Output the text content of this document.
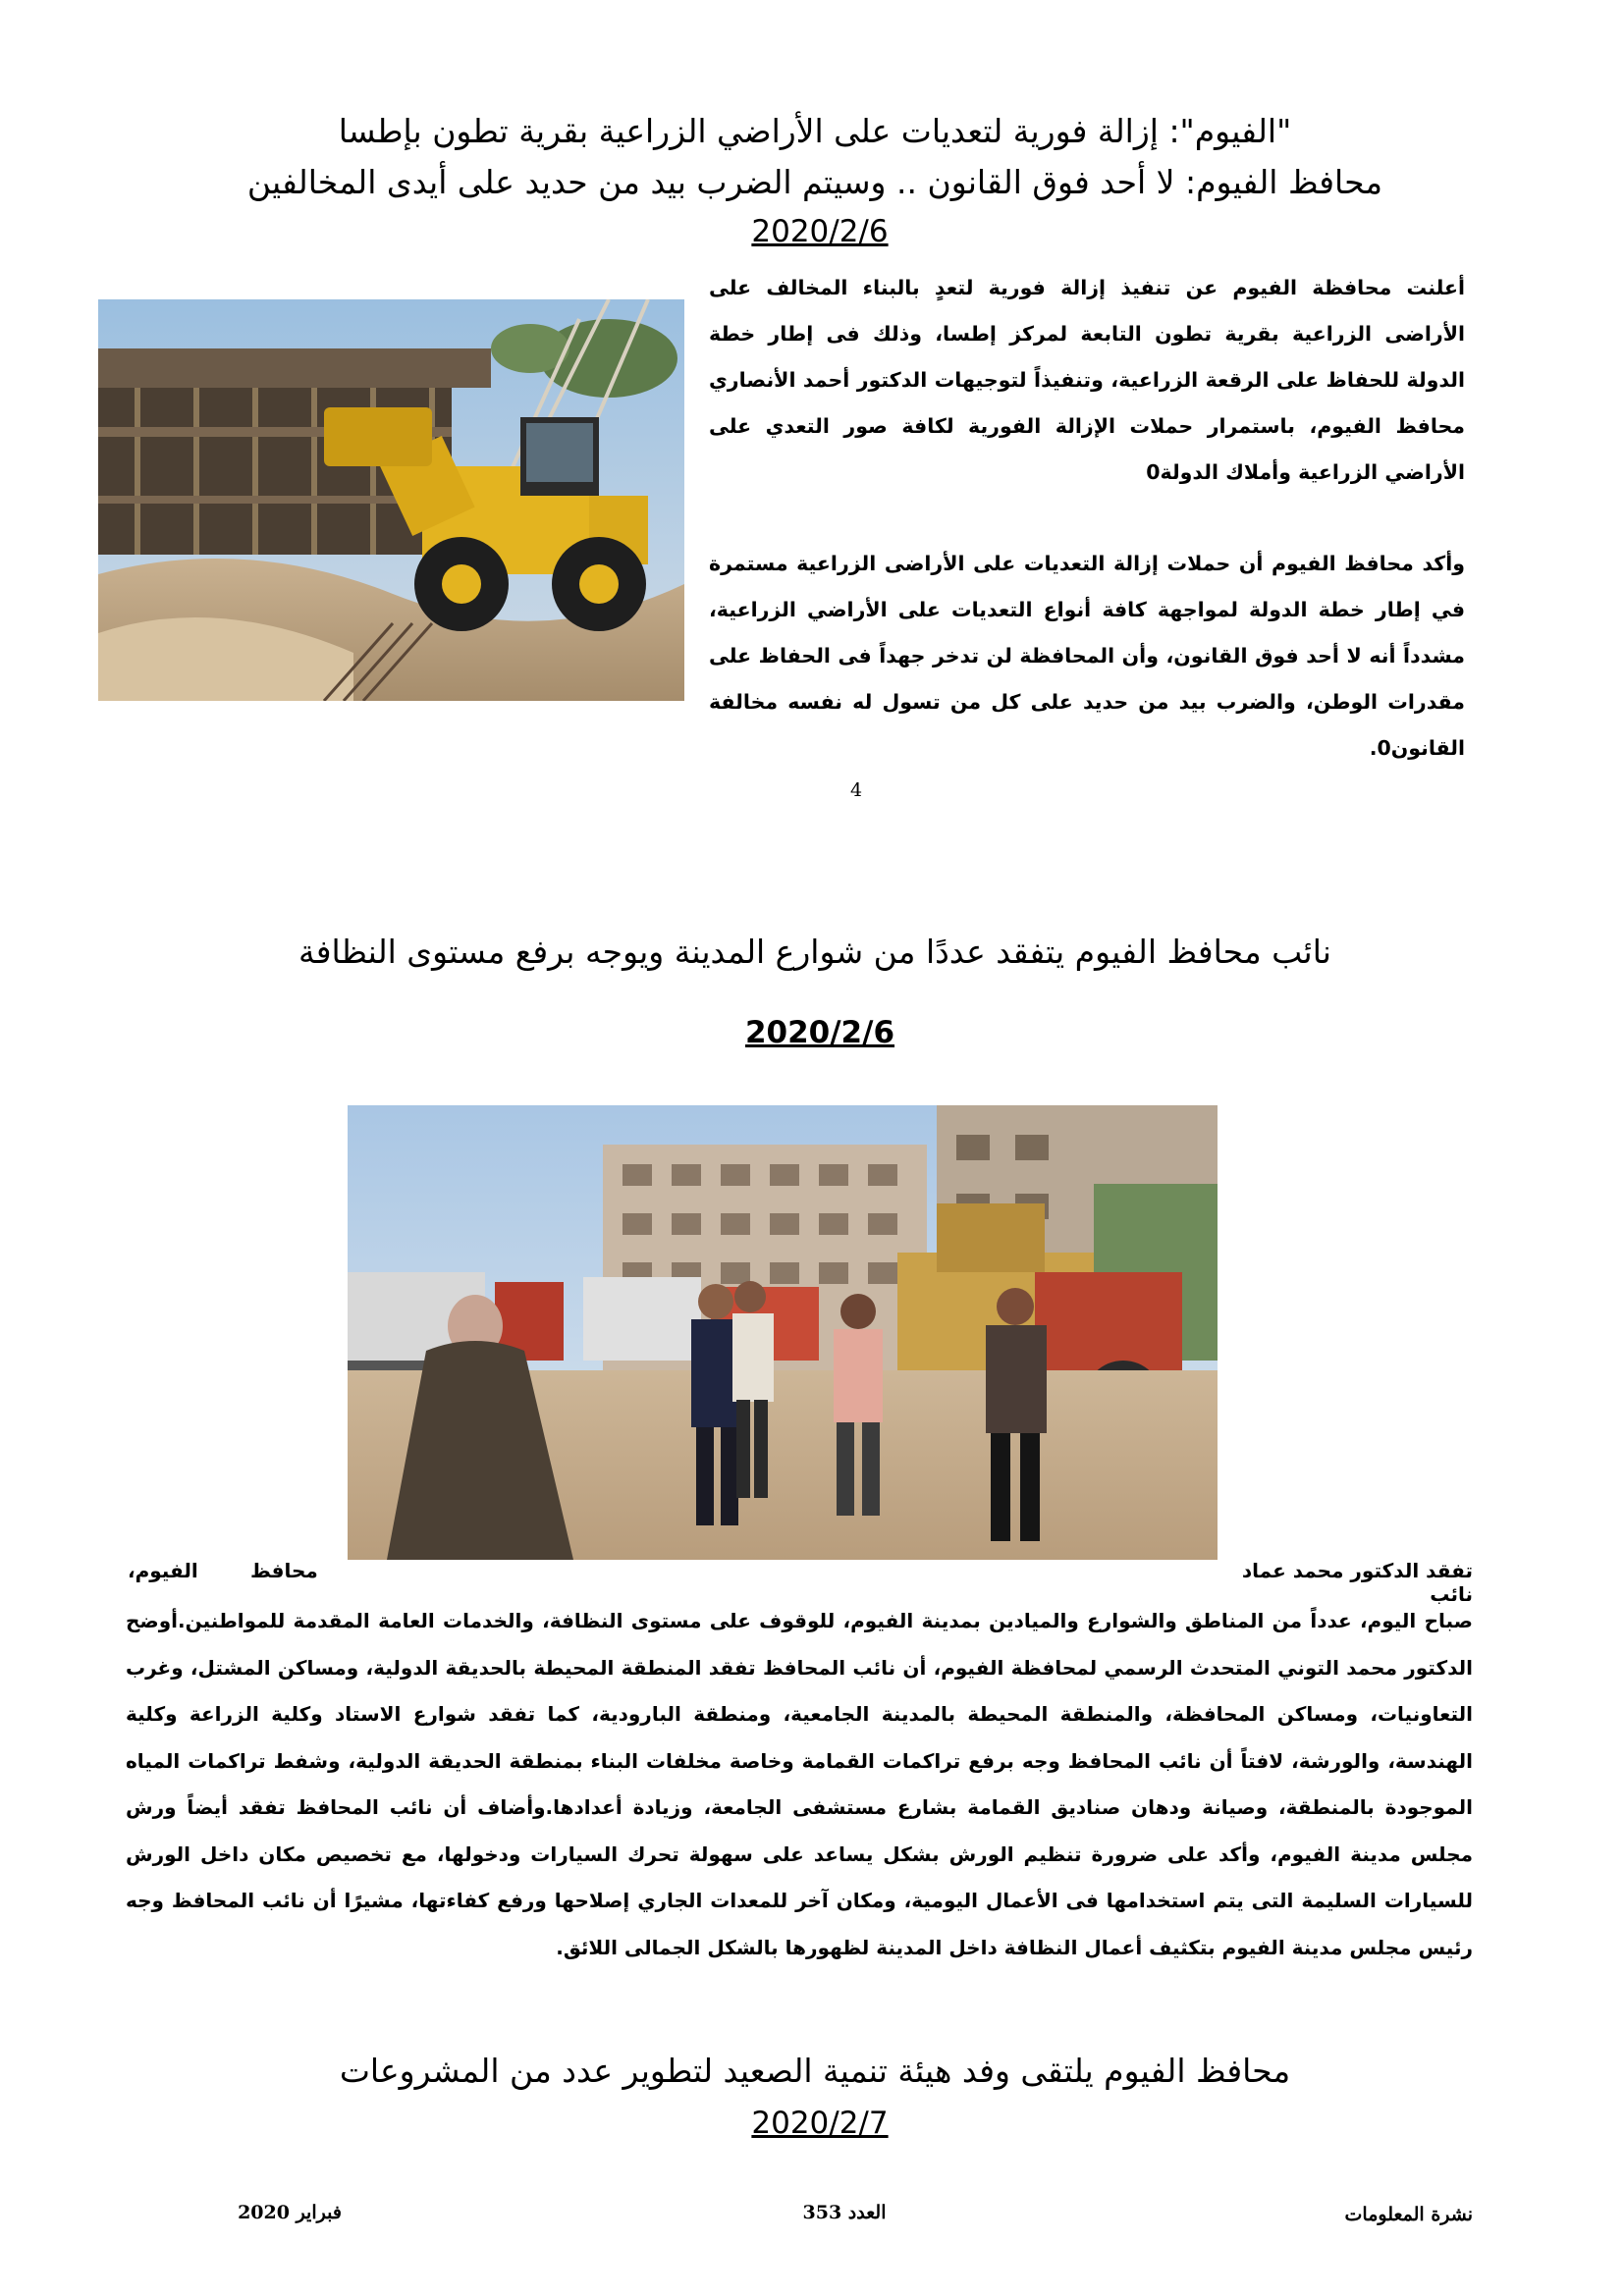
"الفيوم": إزالة فورية لتعديات على الأراضي الزراعية بقرية تطون بإطسا
محافظ الفيوم: لا أحد فوق القانون .. وسيتم الضرب بيد من حديد على أيدى المخالفين
2020/2/6
أعلنت محافظة الفيوم عن تنفيذ إزالة فورية لتعدٍ بالبناء المخالف على الأراضى الزراعية بقرية تطون التابعة لمركز إطسا، وذلك فى إطار خطة الدولة للحفاظ على الرقعة الزراعية، وتنفيذاً لتوجيهات الدكتور أحمد الأنصاري محافظ الفيوم، باستمرار حملات الإزالة الفورية لكافة صور التعدي على الأراضي الزراعية وأملاك الدولة0
وأكد محافظ الفيوم أن حملات إزالة التعديات على الأراضى الزراعية مستمرة في إطار خطة الدولة لمواجهة كافة أنواع التعديات على الأراضي الزراعية، مشدداً أنه لا أحد فوق القانون، وأن المحافظة لن تدخر جهداً فى الحفاظ على مقدرات الوطن، والضرب بيد من حديد على كل من تسول له نفسه مخالفة القانون0.
4
نائب محافظ الفيوم يتفقد عددًا من شوارع المدينة ويوجه برفع مستوى النظافة
2020/2/6
تفقد الدكتور محمد عماد نائب
محافظ
الفيوم،
صباح اليوم، عدداً من المناطق والشوارع والميادين بمدينة الفيوم، للوقوف على مستوى النظافة، والخدمات العامة المقدمة للمواطنين.أوضح الدكتور محمد التوني المتحدث الرسمي لمحافظة الفيوم، أن نائب المحافظ تفقد المنطقة المحيطة بالحديقة الدولية، ومساكن المشتل، وغرب التعاونيات، ومساكن المحافظة، والمنطقة المحيطة بالمدينة الجامعية، ومنطقة البارودية، كما تفقد شوارع الاستاد وكلية الزراعة وكلية الهندسة، والورشة، لافتاً أن نائب المحافظ وجه برفع تراكمات القمامة وخاصة مخلفات البناء بمنطقة الحديقة الدولية، وشفط تراكمات المياه الموجودة بالمنطقة، وصيانة ودهان صناديق القمامة بشارع مستشفى الجامعة، وزيادة أعدادها.وأضاف أن نائب المحافظ تفقد أيضاً ورش مجلس مدينة الفيوم، وأكد على ضرورة تنظيم الورش بشكل يساعد على سهولة تحرك السيارات ودخولها، مع تخصيص مكان داخل الورش للسيارات السليمة التى يتم استخدامها فى الأعمال اليومية، ومكان آخر للمعدات الجاري إصلاحها ورفع كفاءتها، مشيرًا أن نائب المحافظ وجه رئيس مجلس مدينة الفيوم بتكثيف أعمال النظافة داخل المدينة لظهورها بالشكل الجمالى اللائق.
محافظ الفيوم يلتقى وفد هيئة تنمية الصعيد لتطوير عدد من المشروعات
2020/2/7
نشرة المعلومات
العدد 353
فبراير 2020
